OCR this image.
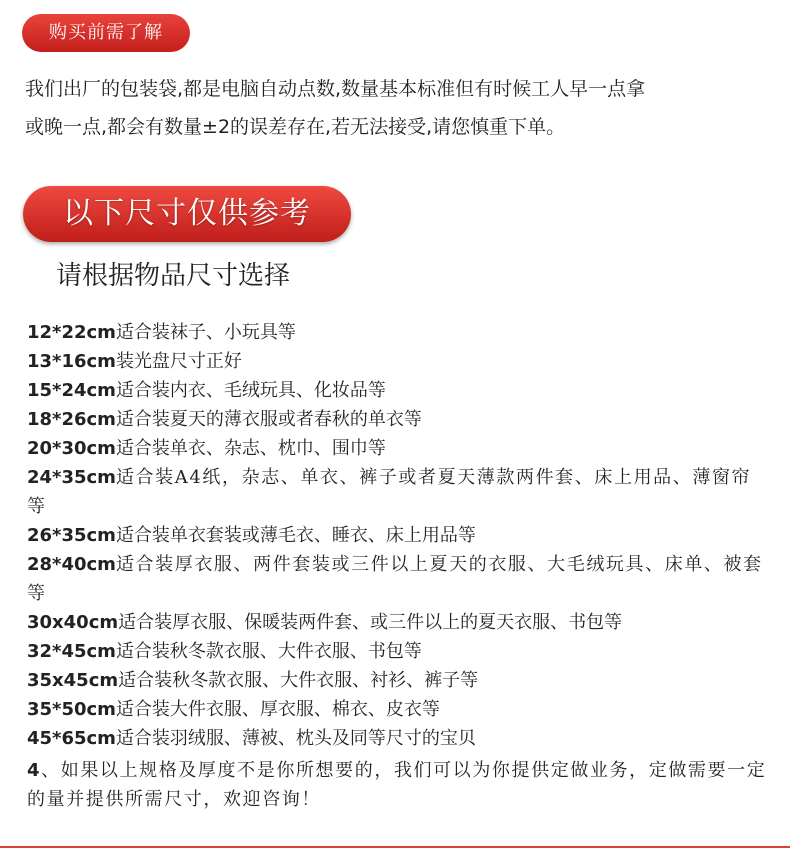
购买前需了解

我们出厂的包装袋,都是电脑自动点数,数量基本标准但有时候工人早一点拿

或晚一点,都会有数量±2的误差存在,若无法接受,请您慎重下单。

以下尺寸仅供参考
请根据物品尺寸选择
12*22cm适合装袜子、小玩具等
13*16cm装光盘尺寸正好
15*24cm适合装内衣、毛绒玩具、化妆品等
18*26cm适合装夏天的薄衣服或者春秋的单衣等
20*30cm适合装单衣、杂志、枕巾、围巾等
24*35cm适合装A4纸，杂志、单衣、裤子或者夏天薄款两件套、床上用品、薄窗帘等
26*35cm适合装单衣套装或薄毛衣、睡衣、床上用品等
28*40cm适合装厚衣服、两件套装或三件以上夏天的衣服、大毛绒玩具、床单、被套等
30x40cm适合装厚衣服、保暖装两件套、或三件以上的夏天衣服、书包等
32*45cm适合装秋冬款衣服、大件衣服、书包等
35x45cm适合装秋冬款衣服、大件衣服、衬衫、裤子等
35*50cm适合装大件衣服、厚衣服、棉衣、皮衣等
45*65cm适合装羽绒服、薄被、枕头及同等尺寸的宝贝

4、如果以上规格及厚度不是你所想要的，我们可以为你提供定做业务，定做需要一定的量并提供所需尺寸，欢迎咨询！
